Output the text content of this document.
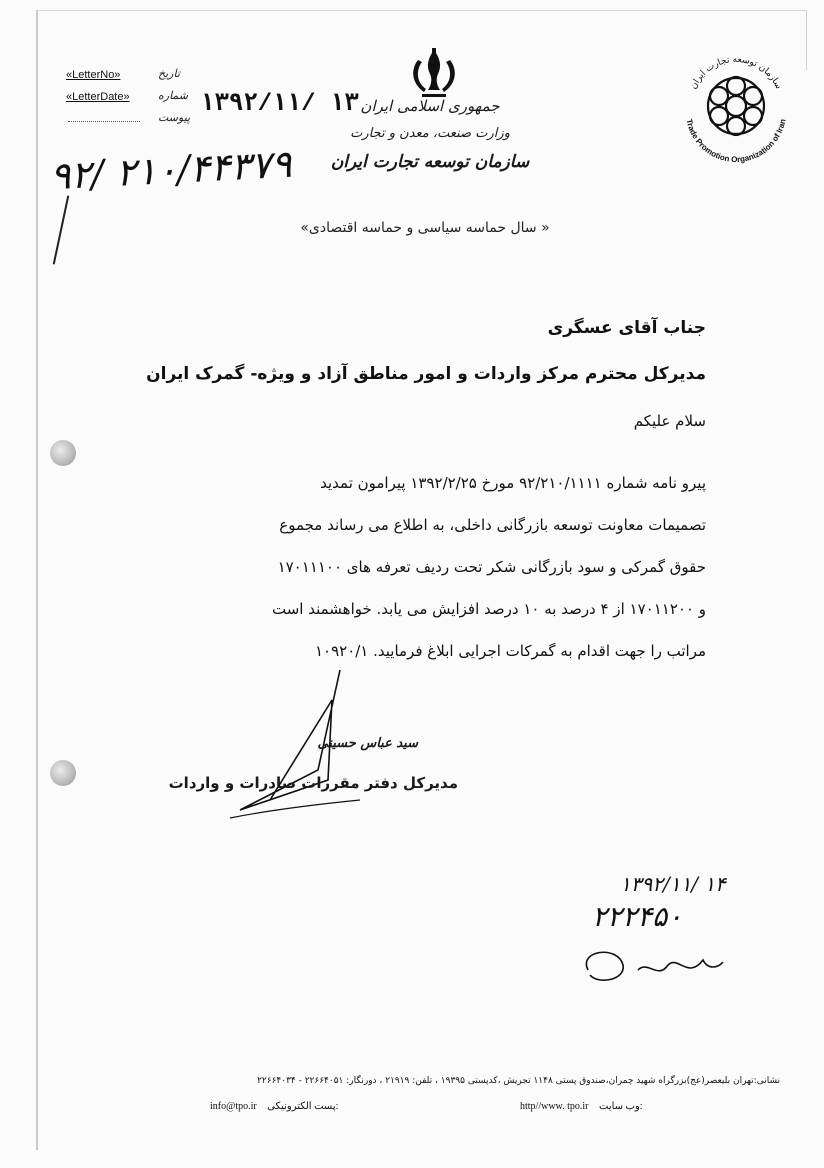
«LetterNo»	تاریخ
«LetterDate»	شماره
پیوست ۱۳۹۲/۱۱/ ۱۳
۹۲/ ۲۱۰/۴۴۳۷۹
جمهوری اسلامی ایران
وزارت صنعت، معدن و تجارت
سازمان توسعه تجارت ایران
سازمان توسعه تجارت ایران
Trade Promotion Organization of Iran
« سال حماسه سیاسی و حماسه اقتصادی»
جناب آقای عسگری
مدیرکل محترم مرکز واردات و امور مناطق آزاد و ویژه- گمرک ایران
سلام علیکم

پیرو نامه شماره ۹۲/۲۱۰/۱۱۱۱ مورخ ۱۳۹۲/۲/۲۵ پیرامون تمدید

تصمیمات معاونت توسعه بازرگانی داخلی، به اطلاع می رساند مجموع

حقوق گمرکی و سود بازرگانی شکر تحت ردیف تعرفه های ۱۷۰۱۱۱۰۰

و ۱۷۰۱۱۲۰۰ از ۴ درصد به ۱۰ درصد افزایش می یابد. خواهشمند است

مراتب را جهت اقدام به گمرکات اجرایی ابلاغ فرمایید. ۱۰۹۲۰/۱

سید عباس حسینی
مدیرکل دفتر مقررات صادرات و واردات
۱۳۹۲/۱۱/ ۱۴
۲۲۲۴۵۰
نشانی:تهران بلیعصر(عج)بزرگراه شهید چمران،صندوق پستی ۱۱۴۸ تجریش ،کدپستی ۱۹۳۹۵ ، تلفن: ۲۱۹۱۹ ، دورنگار: ۲۲۶۶۴۰۵۱ - ۲۲۶۶۴۰۳۴
http//www. tpo.ir وب سایت:
info@tpo.ir پست الکترونیکی:
